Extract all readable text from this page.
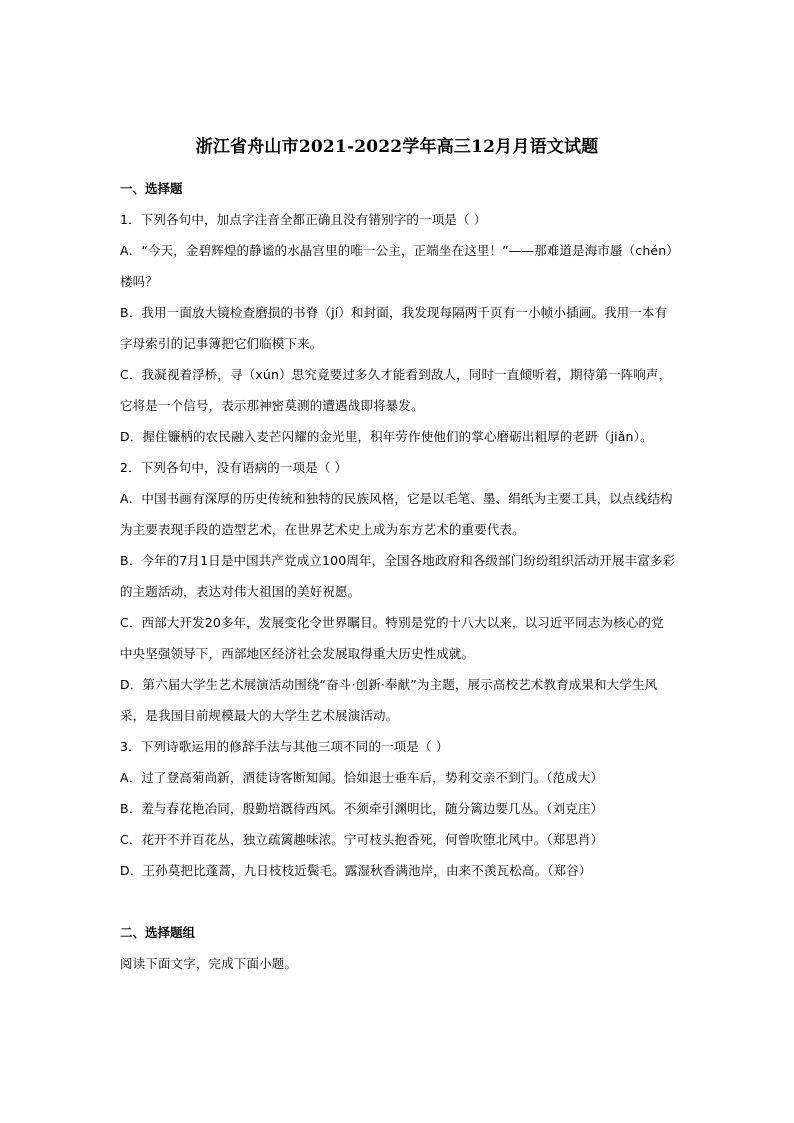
浙江省舟山市2021-2022学年高三12月月语文试题
一、选择题
1．下列各句中，加点字注音全都正确且没有错别字的一项是（ ）
A．“今天，金碧辉煌的静谧的水晶宫里的唯一公主，正端坐在这里！”——那难道是海市蜃（chén）楼吗？
B．我用一面放大镜检查磨损的书脊（jí）和封面，我发现每隔两千页有一小帧小插画。我用一本有字母索引的记事簿把它们临模下来。
C．我凝视着浮桥，寻（xún）思究竟要过多久才能看到敌人，同时一直倾听着，期待第一阵响声，它将是一个信号，表示那神密莫测的遭遇战即将暴发。
D．握住镰柄的农民融入麦芒闪耀的金光里，积年劳作使他们的掌心磨砺出粗厚的老趼（jiǎn）。
2．下列各句中，没有语病的一项是（ ）
A．中国书画有深厚的历史传统和独特的民族风格，它是以毛笔、墨、绢纸为主要工具，以点线结构为主要表现手段的造型艺术，在世界艺术史上成为东方艺术的重要代表。
B．今年的7月1日是中国共产党成立100周年，全国各地政府和各级部门纷纷组织活动开展丰富多彩的主题活动，表达对伟大祖国的美好祝愿。
C．西部大开发20多年，发展变化令世界瞩目。特别是党的十八大以来，以习近平同志为核心的党中央坚强领导下，西部地区经济社会发展取得重大历史性成就。
D．第六届大学生艺术展演活动围绕“奋斗·创新·奉献”为主题，展示高校艺术教育成果和大学生风采，是我国目前规模最大的大学生艺术展演活动。
3．下列诗歌运用的修辞手法与其他三项不同的一项是（ ）
A．过了登高菊尚新，酒徒诗客断知闻。恰如退士垂车后，势利交亲不到门。（范成大）
B．羞与春花艳冶同，殷勤培溉待西风。不须牵引渊明比，随分篱边要几丛。（刘克庄）
C．花开不并百花丛，独立疏篱趣味浓。宁可枝头抱香死，何曾吹堕北风中。（郑思肖）
D．王孙莫把比蓬蒿，九日枝枝近鬓毛。露湿秋香满池岸，由来不羡瓦松高。（郑谷）
二、选择题组
阅读下面文字，完成下面小题。
